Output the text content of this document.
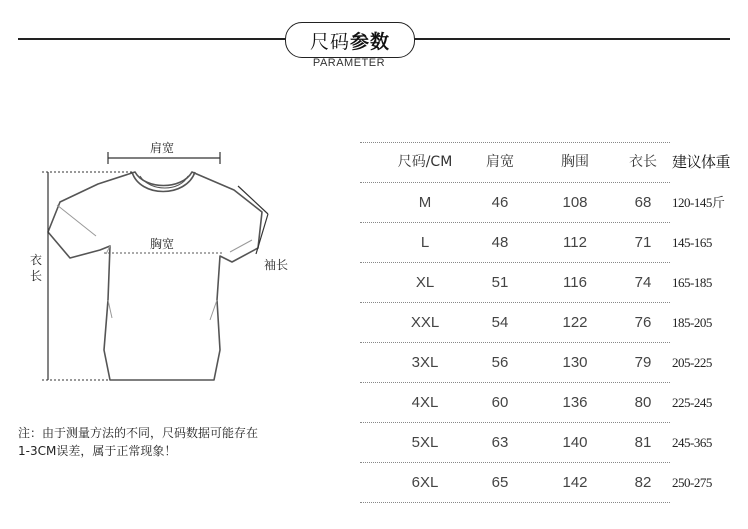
尺码 参数
PARAMETER
肩宽
胸宽
衣长
袖长
注：由于测量方法的不同，尺码数据可能存在
1-3CM误差，属于正常现象！
尺码/CM	肩宽	胸围	衣长	建议体重
M	46	108	68	120-145斤
L	48	112	71	145-165
XL	51	116	74	165-185
XXL	54	122	76	185-205
3XL	56	130	79	205-225
4XL	60	136	80	225-245
5XL	63	140	81	245-365
6XL	65	142	82	250-275
